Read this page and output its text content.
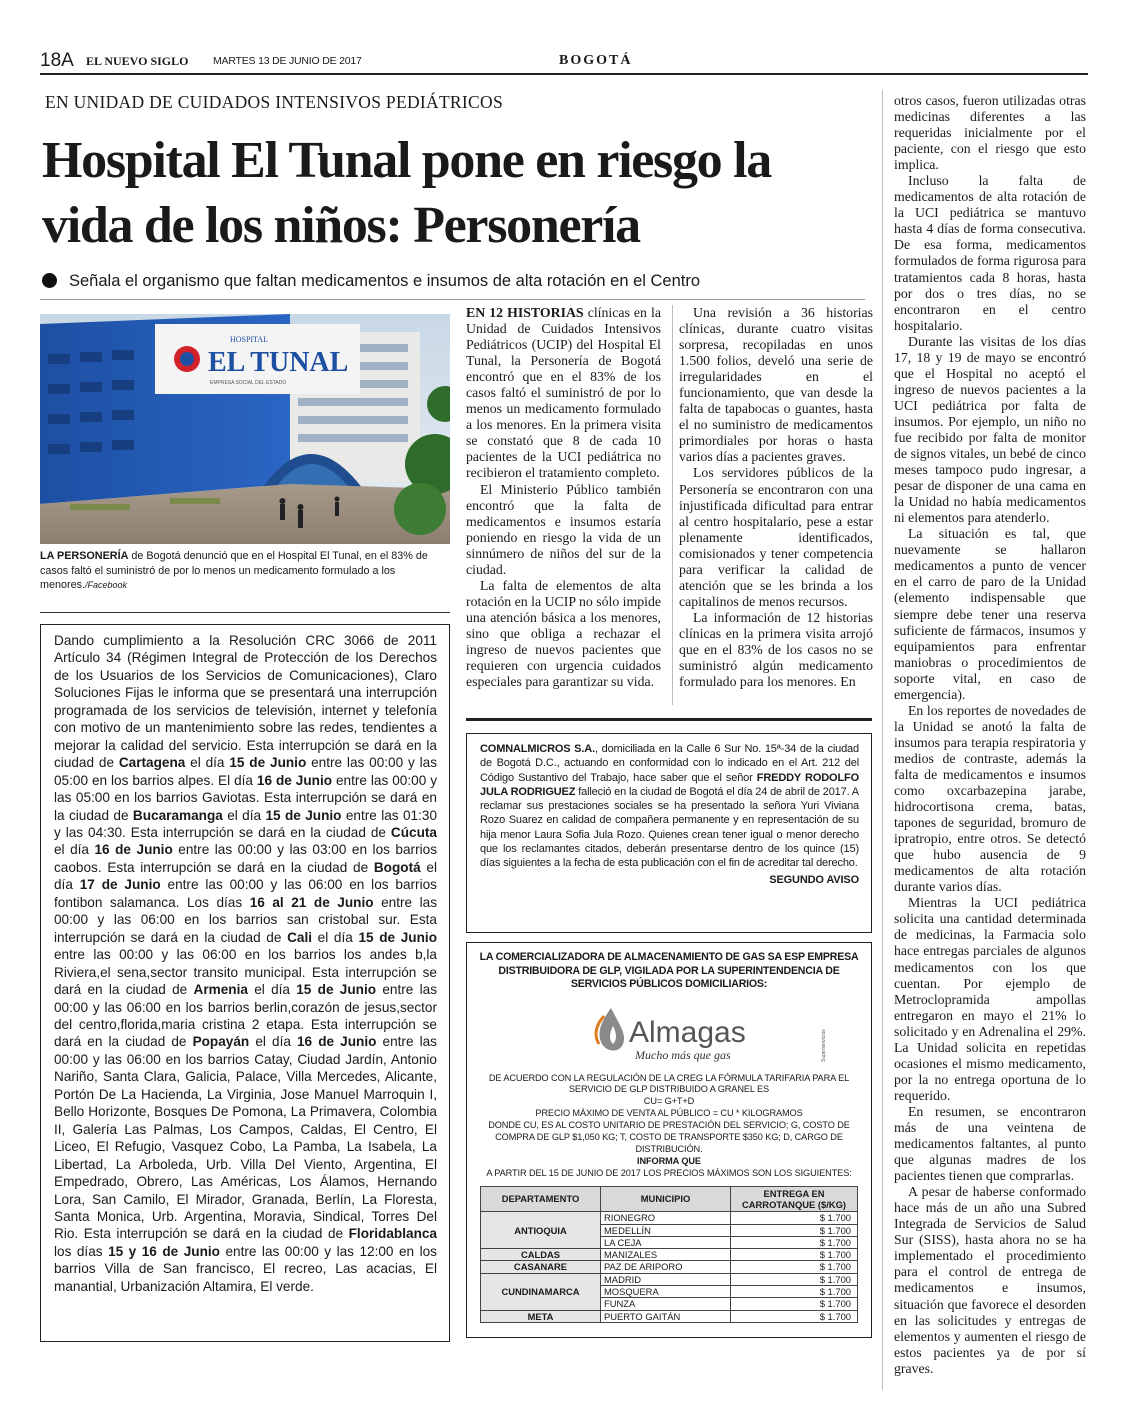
18A EL NUEVO SIGLO MARTES 13 DE JUNIO DE 2017	BOGOTÁ
EN UNIDAD DE CUIDADOS INTENSIVOS PEDIÁTRICOS
Hospital El Tunal pone en riesgo la vida de los niños: Personería
Señala el organismo que faltan medicamentos e insumos de alta rotación en el Centro
HOSPITAL
EL TUNAL
EMPRESA SOCIAL DEL ESTADO
LA PERSONERÍA de Bogotá denunció que en el Hospital El Tunal, en el 83% de casos faltó el suministró de por lo menos un medicamento formulado a los menores./Facebook

EN 12 HISTORIAS clínicas en la Unidad de Cuidados Intensivos Pediátricos (UCIP) del Hospital El Tunal, la Personería de Bogotá encontró que en el 83% de los casos faltó el suministró de por lo menos un medicamento formulado a los menores. En la primera visita se constató que 8 de cada 10 pacientes de la UCI pediátrica no recibieron el tratamiento completo.

El Ministerio Público también encontró que la falta de medicamentos e insumos estaría poniendo en riesgo la vida de un sinnúmero de niños del sur de la ciudad.

La falta de elementos de alta rotación en la UCIP no sólo impide una atención básica a los menores, sino que obliga a rechazar el ingreso de nuevos pacientes que requieren con urgencia cuidados especiales para garantizar su vida.

Una revisión a 36 historias clínicas, durante cuatro visitas sorpresa, recopiladas en unos 1.500 folios, develó una serie de irregularidades en el funcionamiento, que van desde la falta de tapabocas o guantes, hasta el no suministro de medicamentos primordiales por horas o hasta varios días a pacientes graves.

Los servidores públicos de la Personería se encontraron con una injustificada dificultad para entrar al centro hospitalario, pese a estar plenamente identificados, comisionados y tener competencia para verificar la calidad de atención que se les brinda a los capitalinos de menos recursos.

La información de 12 historias clínicas en la primera visita arrojó que en el 83% de los casos no se suministró algún medicamento formulado para los menores. En

otros casos, fueron utilizadas otras medicinas diferentes a las requeridas inicialmente por el paciente, con el riesgo que esto implica.

Incluso la falta de medicamentos de alta rotación de la UCI pediátrica se mantuvo hasta 4 días de forma consecutiva. De esa forma, medicamentos formulados de forma rigurosa para tratamientos cada 8 horas, hasta por dos o tres días, no se encontraron en el centro hospitalario.

Durante las visitas de los días 17, 18 y 19 de mayo se encontró que el Hospital no aceptó el ingreso de nuevos pacientes a la UCI pediátrica por falta de insumos. Por ejemplo, un niño no fue recibido por falta de monitor de signos vitales, un bebé de cinco meses tampoco pudo ingresar, a pesar de disponer de una cama en la Unidad no había medicamentos ni elementos para atenderlo.

La situación es tal, que nuevamente se hallaron medicamentos a punto de vencer en el carro de paro de la Unidad (elemento indispensable que siempre debe tener una reserva suficiente de fármacos, insumos y equipamientos para enfrentar maniobras o procedimientos de soporte vital, en caso de emergencia).

En los reportes de novedades de la Unidad se anotó la falta de insumos para terapia respiratoria y medios de contraste, además la falta de medicamentos e insumos como oxcarbazepina jarabe, hidrocortisona crema, batas, tapones de seguridad, bromuro de ipratropio, entre otros. Se detectó que hubo ausencia de 9 medicamentos de alta rotación durante varios días.

Mientras la UCI pediátrica solicita una cantidad determinada de medicinas, la Farmacia solo hace entregas parciales de algunos medicamentos con los que cuentan. Por ejemplo de Metroclopramida ampollas entregaron en mayo el 21% lo solicitado y en Adrenalina el 29%. La Unidad solicita en repetidas ocasiones el mismo medicamento, por la no entrega oportuna de lo requerido.

En resumen, se encontraron más de una veintena de medicamentos faltantes, al punto que algunas madres de los pacientes tienen que comprarlas.

A pesar de haberse conformado hace más de un año una Subred Integrada de Servicios de Salud Sur (SISS), hasta ahora no se ha implementado el procedimiento para el control de entrega de medicamentos e insumos, situación que favorece el desorden en las solicitudes y entregas de elementos y aumenten el riesgo de estos pacientes ya de por sí graves.

Dando cumplimiento a la Resolución CRC 3066 de 2011 Artículo 34 (Régimen Integral de Protección de los Derechos de los Usuarios de los Servicios de Comunicaciones), Claro Soluciones Fijas le informa que se presentará una interrupción programada de los servicios de televisión, internet y telefonía con motivo de un mantenimiento sobre las redes, tendientes a mejorar la calidad del servicio. Esta interrupción se dará en la ciudad de Cartagena el día 15 de Junio entre las 00:00 y las 05:00 en los barrios alpes. El día 16 de Junio entre las 00:00 y las 05:00 en los barrios Gaviotas. Esta interrupción se dará en la ciudad de Bucaramanga el día 15 de Junio entre las 01:30 y las 04:30. Esta interrupción se dará en la ciudad de Cúcuta el día 16 de Junio entre las 00:00 y las 03:00 en los barrios caobos. Esta interrupción se dará en la ciudad de Bogotá el día 17 de Junio entre las 00:00 y las 06:00 en los barrios fontibon salamanca. Los días 16 al 21 de Junio entre las 00:00 y las 06:00 en los barrios san cristobal sur. Esta interrupción se dará en la ciudad de Cali el día 15 de Junio entre las 00:00 y las 06:00 en los barrios los andes b,la Riviera,el sena,sector transito municipal. Esta interrupción se dará en la ciudad de Armenia el día 15 de Junio entre las 00:00 y las 06:00 en los barrios berlin,corazón de jesus,sector del centro,florida,maria cristina 2 etapa. Esta interrupción se dará en la ciudad de Popayán el día 16 de Junio entre las 00:00 y las 06:00 en los barrios Catay, Ciudad Jardín, Antonio Nariño, Santa Clara, Galicia, Palace, Villa Mercedes, Alicante, Portón De La Hacienda, La Virginia, Jose Manuel Marroquin I, Bello Horizonte, Bosques De Pomona, La Primavera, Colombia II, Galería Las Palmas, Los Campos, Caldas, El Centro, El Liceo, El Refugio, Vasquez Cobo, La Pamba, La Isabela, La Libertad, La Arboleda, Urb. Villa Del Viento, Argentina, El Empedrado, Obrero, Las Américas, Los Álamos, Hernando Lora, San Camilo, El Mirador, Granada, Berlín, La Floresta, Santa Monica, Urb. Argentina, Moravia, Sindical, Torres Del Rio. Esta interrupción se dará en la ciudad de Floridablanca los días 15 y 16 de Junio entre las 00:00 y las 12:00 en los barrios Villa de San francisco, El recreo, Las acacias, El manantial, Urbanización Altamira, El verde.
COMNALMICROS S.A., domiciliada en la Calle 6 Sur No. 15ª-34 de la ciudad de Bogotá D.C., actuando en conformidad con lo indicado en el Art. 212 del Código Sustantivo del Trabajo, hace saber que el señor FREDDY RODOLFO JULA RODRIGUEZ falleció en la ciudad de Bogotá el día 24 de abril de 2017. A reclamar sus prestaciones sociales se ha presentado la señora Yuri Viviana Rozo Suarez en calidad de compañera permanente y en representación de su hija menor Laura Sofia Jula Rozo. Quienes crean tener igual o menor derecho que los reclamantes citados, deberán presentarse dentro de los quince (15) días siguientes a la fecha de esta publicación con el fin de acreditar tal derecho.
SEGUNDO AVISO
LA COMERCIALIZADORA DE ALMACENAMIENTO DE GAS SA ESP EMPRESA DISTRIBUIDORA DE GLP, VIGILADA POR LA SUPERINTENDENCIA DE SERVICIOS PÚBLICOS DOMICILIARIOS:
Almagas
Mucho más que gas	Superservicios
DE ACUERDO CON LA REGULACIÓN DE LA CREG LA FÓRMULA TARIFARIA PARA EL SERVICIO DE GLP DISTRIBUIDO A GRANEL ES
CU= G+T+D
PRECIO MÁXIMO DE VENTA AL PÚBLICO = CU * KILOGRAMOS
DONDE CU, ES AL COSTO UNITARIO DE PRESTACIÓN DEL SERVICIO; G, COSTO DE COMPRA DE GLP $1,050 KG; T, COSTO DE TRANSPORTE $350 KG; D, CARGO DE DISTRIBUCIÓN.
INFORMA QUE
A PARTIR DEL 15 DE JUNIO DE 2017 LOS PRECIOS MÁXIMOS SON LOS SIGUIENTES:
DEPARTAMENTO	MUNICIPIO	ENTREGA EN CARROTANQUE ($/KG)
ANTIOQUIA	RIONEGRO	$ 1.700
	MEDELLÍN	$ 1.700
	LA CEJA	$ 1.700
CALDAS	MANIZALES	$ 1.700
CASANARE	PAZ DE ARIPORO	$ 1.700
CUNDINAMARCA	MADRID	$ 1.700
	MOSQUERA	$ 1.700
	FUNZA	$ 1.700
META	PUERTO GAITÁN	$ 1.700
